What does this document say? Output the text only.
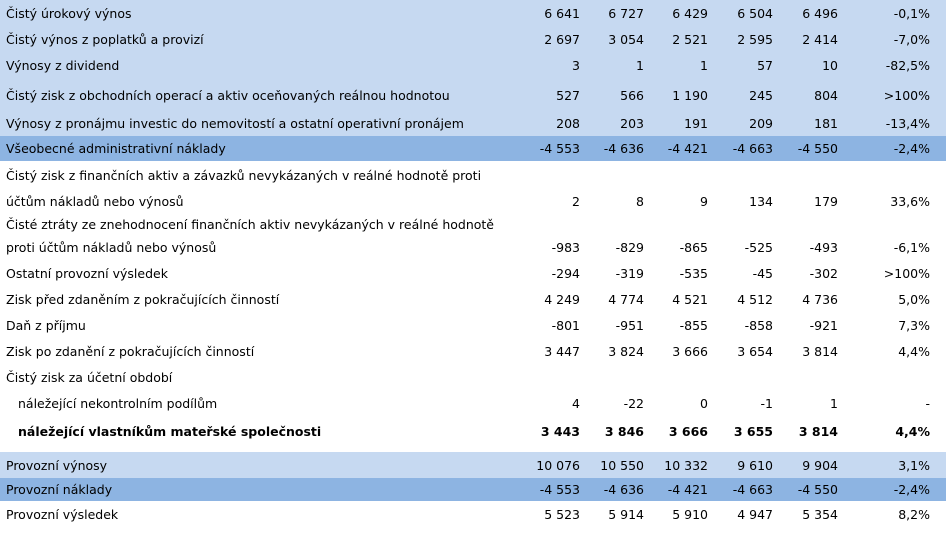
Čistý úrokový výnos	6 641	6 727	6 429	6 504	6 496	-0,1%
Čistý výnos z poplatků a provizí	2 697	3 054	2 521	2 595	2 414	-7,0%
Výnosy z dividend	3	1	1	57	10	-82,5%
Čistý zisk z obchodních operací a aktiv oceňovaných reálnou hodnotou	527	566	1 190	245	804	>100%
Výnosy z pronájmu investic do nemovitostí a ostatní operativní pronájem	208	203	191	209	181	-13,4%
Všeobecné administrativní náklady	-4 553	-4 636	-4 421	-4 663	-4 550	-2,4%
Čistý zisk z finančních aktiv a závazků nevykázaných v reálné hodnotě proti
účtům nákladů nebo výnosů	2	8	9	134	179	33,6%
Čisté ztráty ze znehodnocení finančních aktiv nevykázaných v reálné hodnotě
proti účtům nákladů nebo výnosů	-983	-829	-865	-525	-493	-6,1%
Ostatní provozní výsledek	-294	-319	-535	-45	-302	>100%
Zisk před zdaněním z pokračujících činností	4 249	4 774	4 521	4 512	4 736	5,0%
Daň z příjmu	-801	-951	-855	-858	-921	7,3%
Zisk po zdanění z pokračujících činností	3 447	3 824	3 666	3 654	3 814	4,4%
Čistý zisk za účetní období
náležející nekontrolním podílům	4	-22	0	-1	1	-
náležející vlastníkům mateřské společnosti	3 443	3 846	3 666	3 655	3 814	4,4%
Provozní výnosy	10 076	10 550	10 332	9 610	9 904	3,1%
Provozní náklady	-4 553	-4 636	-4 421	-4 663	-4 550	-2,4%
Provozní výsledek	5 523	5 914	5 910	4 947	5 354	8,2%
